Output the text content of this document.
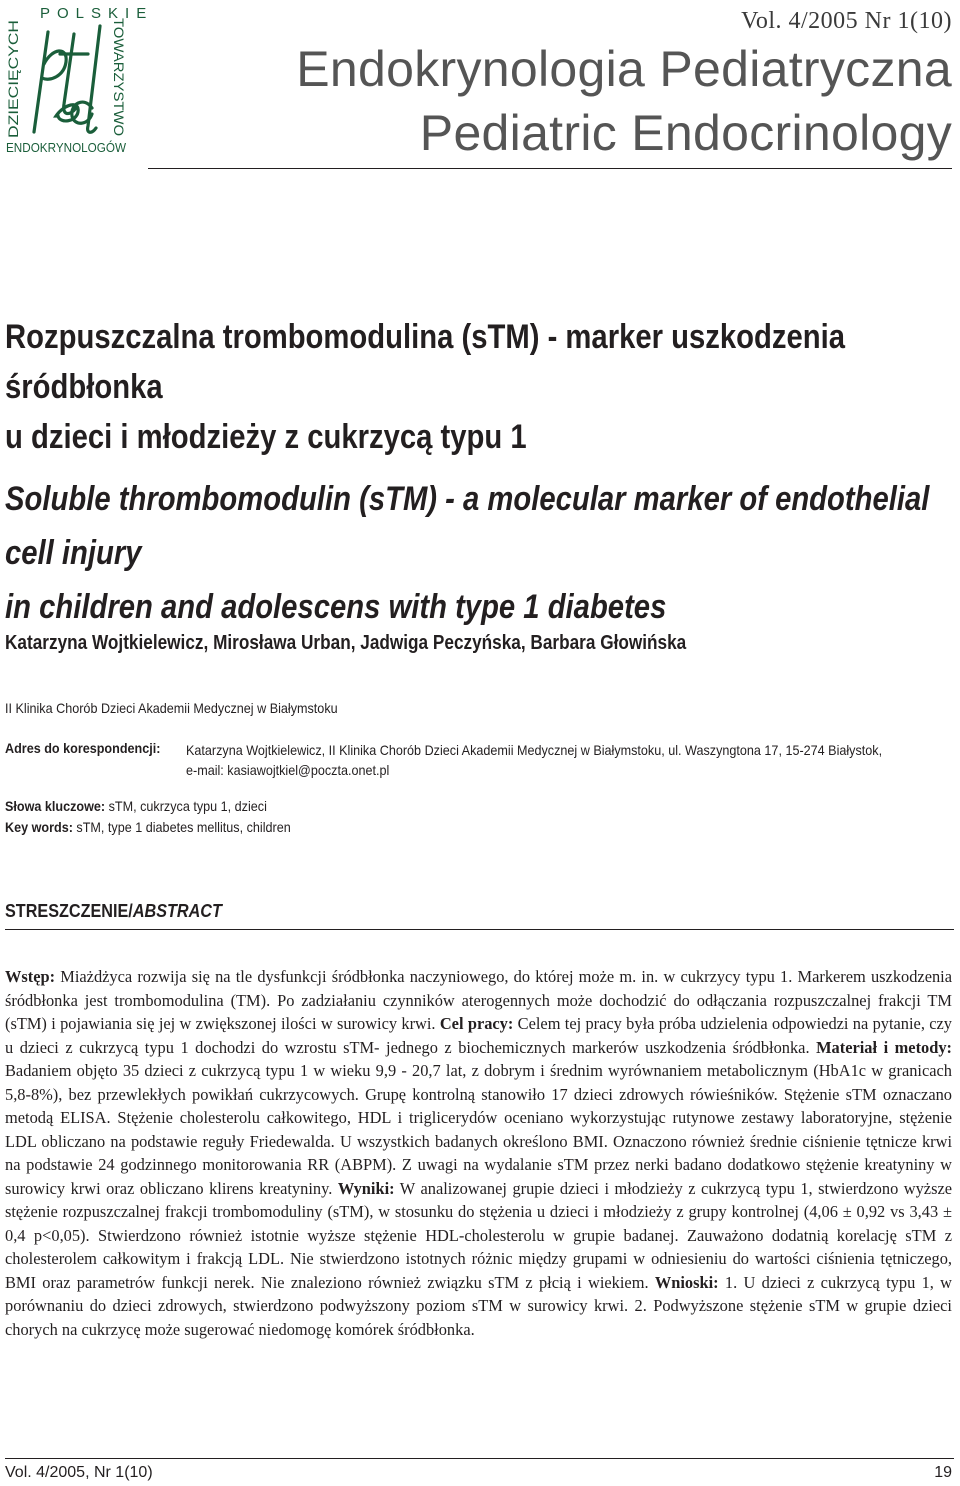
POLSKIE
DZIECIĘCYCH	TOWARZYSTWO
ENDOKRYNOLOGÓW
Vol. 4/2005 Nr 1(10)
Endokrynologia Pediatryczna
Pediatric Endocrinology
Rozpuszczalna trombomodulina (sTM) - marker uszkodzenia śródbłonka
u dzieci i młodzieży z cukrzycą typu 1
Soluble thrombomodulin (sTM) - a molecular marker of endothelial cell injury
in children and adolescens with type 1 diabetes
Katarzyna Wojtkielewicz, Mirosława Urban, Jadwiga Peczyńska, Barbara Głowińska
II Klinika Chorób Dzieci Akademii Medycznej w Białymstoku
Adres do korespondencji: Katarzyna Wojtkielewicz, II Klinika Chorób Dzieci Akademii Medycznej w Białymstoku, ul. Waszyngtona 17, 15-274 Białystok,
e-mail: kasiawojtkiel@poczta.onet.pl
Słowa kluczowe: sTM, cukrzyca typu 1, dzieci
Key words: sTM, type 1 diabetes mellitus, children
STRESZCZENIE/ABSTRACT
Wstęp: Miażdżyca rozwija się na tle dysfunkcji śródbłonka naczyniowego, do której może m. in. w cukrzycy typu 1. Markerem uszkodzenia śródbłonka jest trombomodulina (TM). Po zadziałaniu czynników aterogennych może dochodzić do odłączania rozpuszczalnej frakcji TM (sTM) i pojawiania się jej w zwiększonej ilości w surowicy krwi. Cel pracy: Celem tej pracy była próba udzielenia odpowiedzi na pytanie, czy u dzieci z cukrzycą typu 1 dochodzi do wzrostu sTM- jednego z biochemicznych markerów uszkodzenia śródbłonka. Materiał i metody: Badaniem objęto 35 dzieci z cukrzycą typu 1 w wieku 9,9 - 20,7 lat, z dobrym i średnim wyrównaniem metabolicznym (HbA1c w granicach 5,8-8%), bez przewlekłych powikłań cukrzycowych. Grupę kontrolną stanowiło 17 dzieci zdrowych rówieśników. Stężenie sTM oznaczano metodą ELISA. Stężenie cholesterolu całkowitego, HDL i triglicerydów oceniano wykorzystując rutynowe zestawy laboratoryjne, stężenie LDL obliczano na podstawie reguły Friedewalda. U wszystkich badanych określono BMI. Oznaczono również średnie ciśnienie tętnicze krwi na podstawie 24 godzinnego monitorowania RR (ABPM). Z uwagi na wydalanie sTM przez nerki badano dodatkowo stężenie kreatyniny w surowicy krwi oraz obliczano klirens kreatyniny. Wyniki: W analizowanej grupie dzieci i młodzieży z cukrzycą typu 1, stwierdzono wyższe stężenie rozpuszczalnej frakcji trombomoduliny (sTM), w stosunku do stężenia u dzieci i młodzieży z grupy kontrolnej (4,06 ± 0,92 vs 3,43 ± 0,4 p<0,05). Stwierdzono również istotnie wyższe stężenie HDL-cholesterolu w grupie badanej. Zauważono dodatnią korelację sTM z cholesterolem całkowitym i frakcją LDL. Nie stwierdzono istotnych różnic między grupami w odniesieniu do wartości ciśnienia tętniczego, BMI oraz parametrów funkcji nerek. Nie znaleziono również związku sTM z płcią i wiekiem. Wnioski: 1. U dzieci z cukrzycą typu 1, w porównaniu do dzieci zdrowych, stwierdzono podwyższony poziom sTM w surowicy krwi. 2. Podwyższone stężenie sTM w grupie dzieci chorych na cukrzycę może sugerować niedomogę komórek śródbłonka.
Vol. 4/2005, Nr 1(10)	19
